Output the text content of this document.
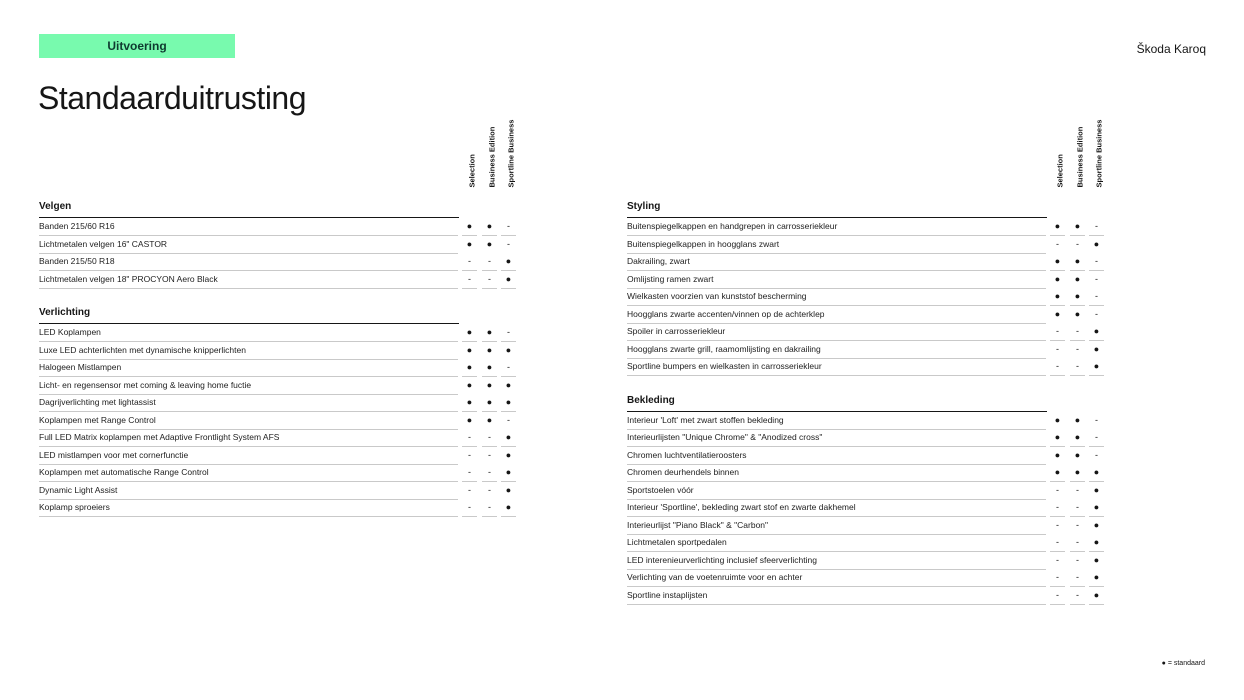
Uitvoering	Škoda Karoq
Standaarduitrusting
Selection Business Edition Sportline Business
Velgen
Banden 215/60 R16	●	●	-
Lichtmetalen velgen 16" CASTOR	●	●	-
Banden 215/50 R18	-	-	●
Lichtmetalen velgen 18" PROCYON Aero Black	-	-	●
Verlichting
LED Koplampen	●	●	-
Luxe LED achterlichten met dynamische knipperlichten	●	●	●
Halogeen Mistlampen	●	●	-
Licht- en regensensor met coming & leaving home fuctie	●	●	●
Dagrijverlichting met lightassist	●	●	●
Koplampen met Range Control	●	●	-
Full LED Matrix koplampen met Adaptive Frontlight System AFS	-	-	●
LED mistlampen voor met cornerfunctie	-	-	●
Koplampen met automatische Range Control	-	-	●
Dynamic Light Assist	-	-	●
Koplamp sproeiers	-	-	●
Selection Business Edition Sportline Business
Styling
Buitenspiegelkappen en handgrepen in carrosseriekleur	●	●	-
Buitenspiegelkappen in hoogglans zwart	-	-	●
Dakrailing, zwart	●	●	-
Omlijsting ramen zwart	●	●	-
Wielkasten voorzien van kunststof bescherming	●	●	-
Hoogglans zwarte accenten/vinnen op de achterklep	●	●	-
Spoiler in carrosseriekleur	-	-	●
Hoogglans zwarte grill, raamomlijsting en dakrailing	-	-	●
Sportline bumpers en wielkasten in carrosseriekleur	-	-	●
Bekleding
Interieur 'Loft' met zwart stoffen bekleding	●	●	-
Interieurlijsten "Unique Chrome" & "Anodized cross"	●	●	-
Chromen luchtventilatieroosters	●	●	-
Chromen deurhendels binnen	●	●	●
Sportstoelen vóór	-	-	●
Interieur 'Sportline', bekleding zwart stof en zwarte dakhemel	-	-	●
Interieurlijst "Piano Black" & "Carbon"	-	-	●
Lichtmetalen sportpedalen	-	-	●
LED interenieurverlichting inclusief sfeerverlichting	-	-	●
Verlichting van de voetenruimte voor en achter	-	-	●
Sportline instaplijsten	-	-	●
● = standaard
